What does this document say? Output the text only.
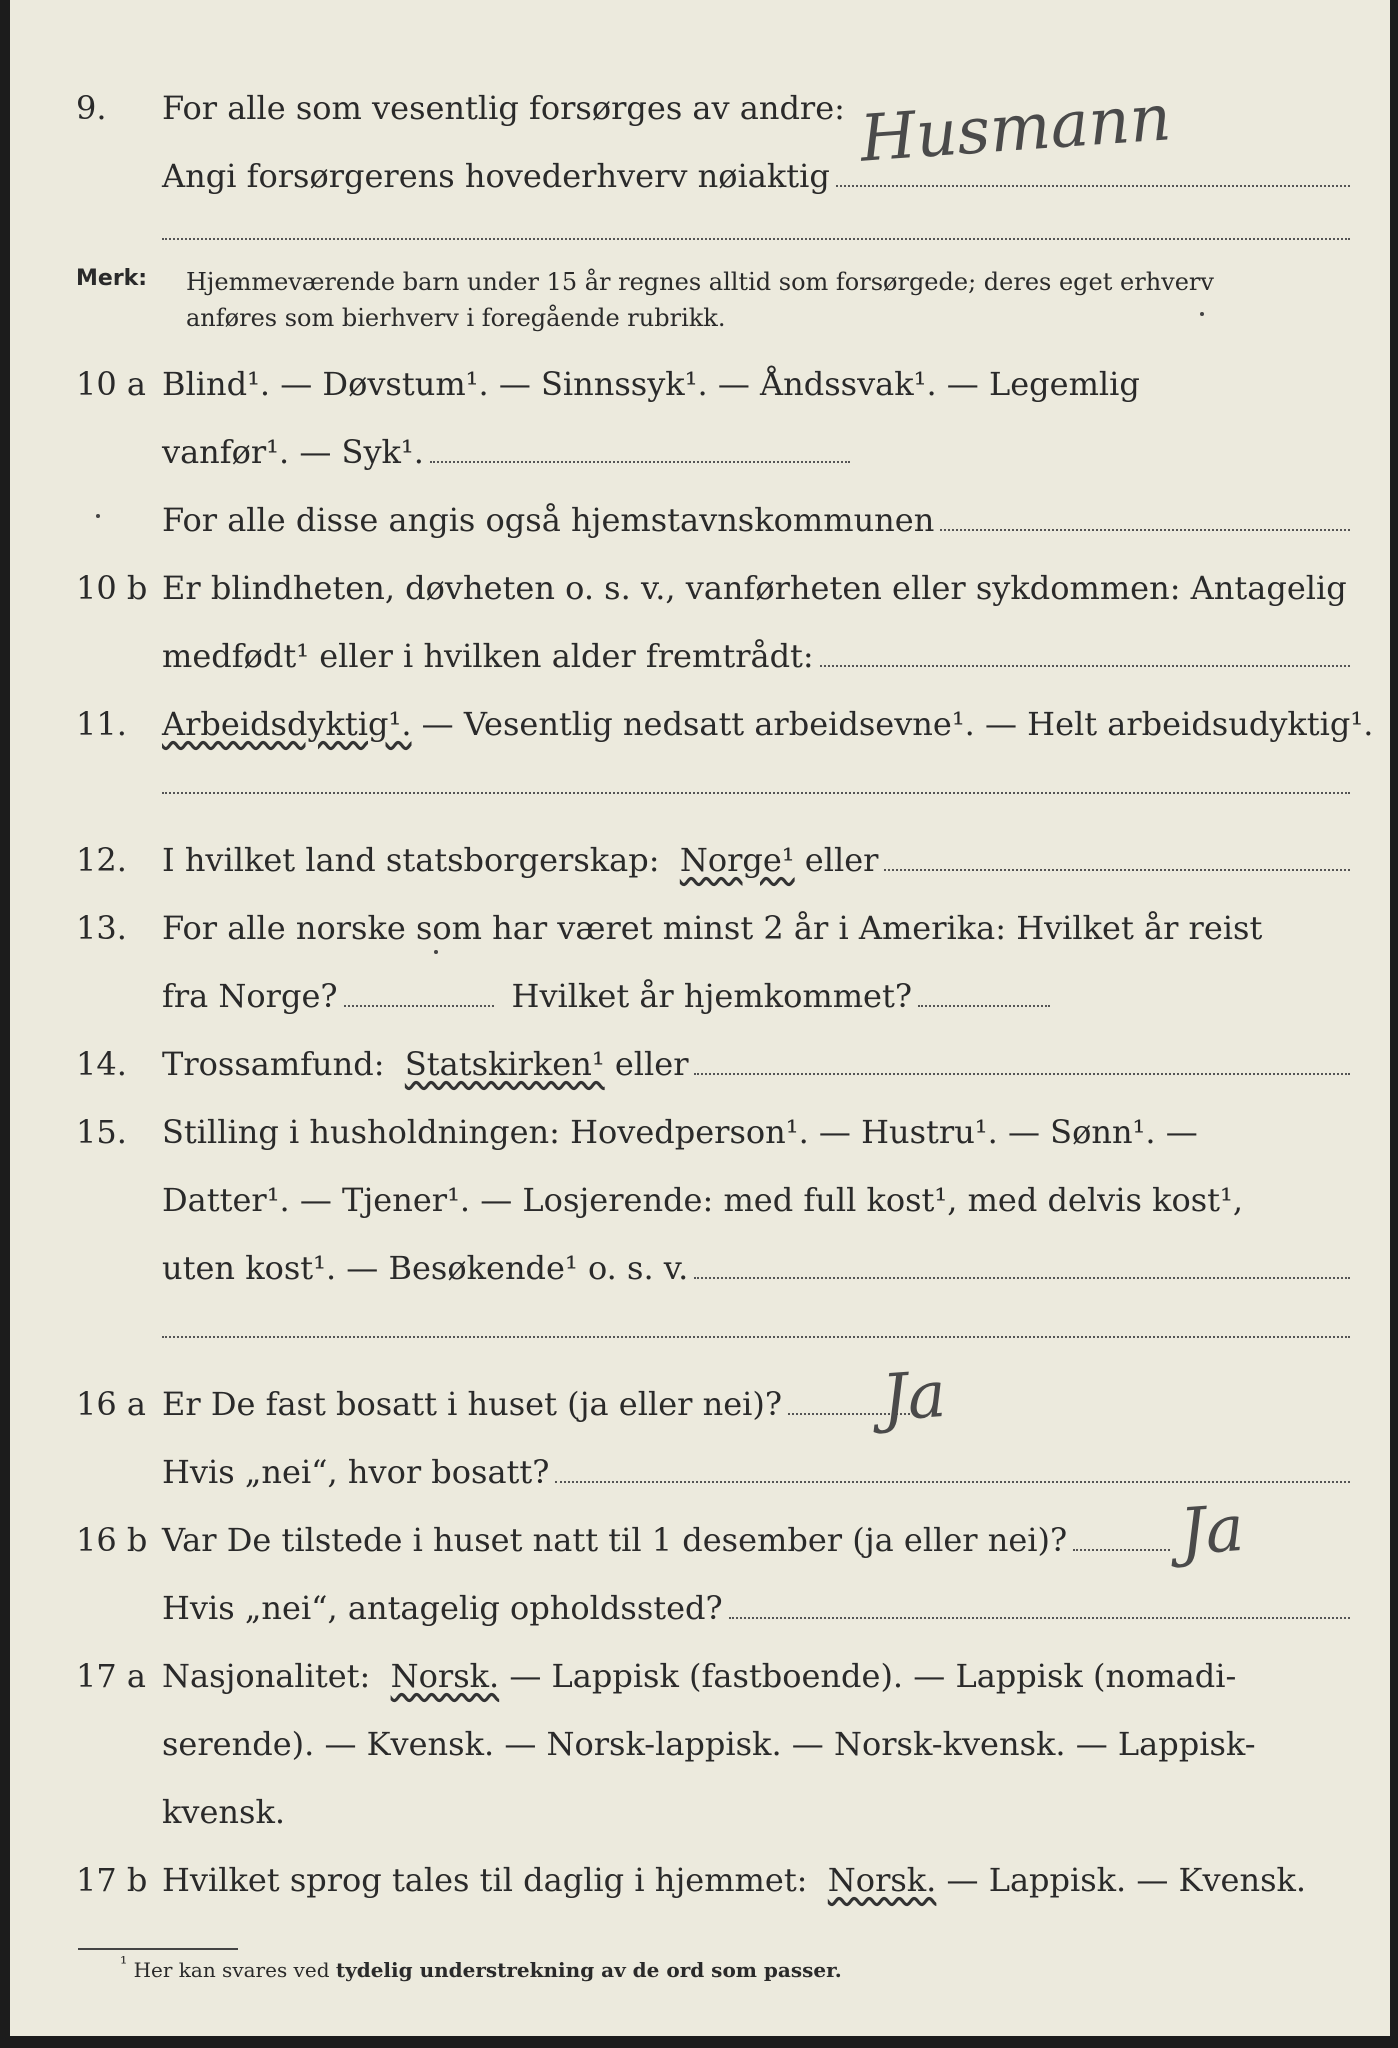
9.	For alle som vesentlig forsørges av andre:
Angi forsørgerens hovederhverv nøiaktig Husmann
Merk: Hjemmeværende barn under 15 år regnes alltid som forsørgede; deres eget erhverv
anføres som bierhverv i foregående rubrikk.
10 a Blind¹. — Døvstum¹. — Sinnssyk¹. — Åndssvak¹. — Legemlig
vanfør¹. — Syk¹.
For alle disse angis også hjemstavnskommunen
10 b Er blindheten, døvheten o. s. v., vanførheten eller sykdommen: Antagelig
medfødt¹ eller i hvilken alder fremtrådt:
11.	Arbeidsdyktig¹. — Vesentlig nedsatt arbeidsevne¹. — Helt arbeidsudyktig¹.
12.	I hvilket land statsborgerskap:
Norge¹
eller
13.	For alle norske som har været minst 2 år i Amerika: Hvilket år reist
fra Norge?	Hvilket år hjemkommet?
14.	Trossamfund:
Statskirken¹
eller
15.	Stilling i husholdningen: Hovedperson¹. — Hustru¹. — Sønn¹. —
Datter¹. — Tjener¹. — Losjerende: med full kost¹, med delvis kost¹,
uten kost¹. — Besøkende¹ o. s. v.
16 a Er De fast bosatt i huset (ja eller nei)? Ja
Hvis „nei“, hvor bosatt?
16 b Var De tilstede i huset natt til 1 desember (ja eller nei)? Ja
Hvis „nei“, antagelig opholdssted?
17 a Nasjonalitet:
Norsk.
— Lappisk (fastboende). — Lappisk (nomadi-
serende). — Kvensk. — Norsk-lappisk. — Norsk-kvensk. — Lappisk-
kvensk.
17 b Hvilket sprog tales til daglig i hjemmet:
Norsk.
— Lappisk. — Kvensk.
¹ Her kan svares ved tydelig understrekning av de ord som passer.
